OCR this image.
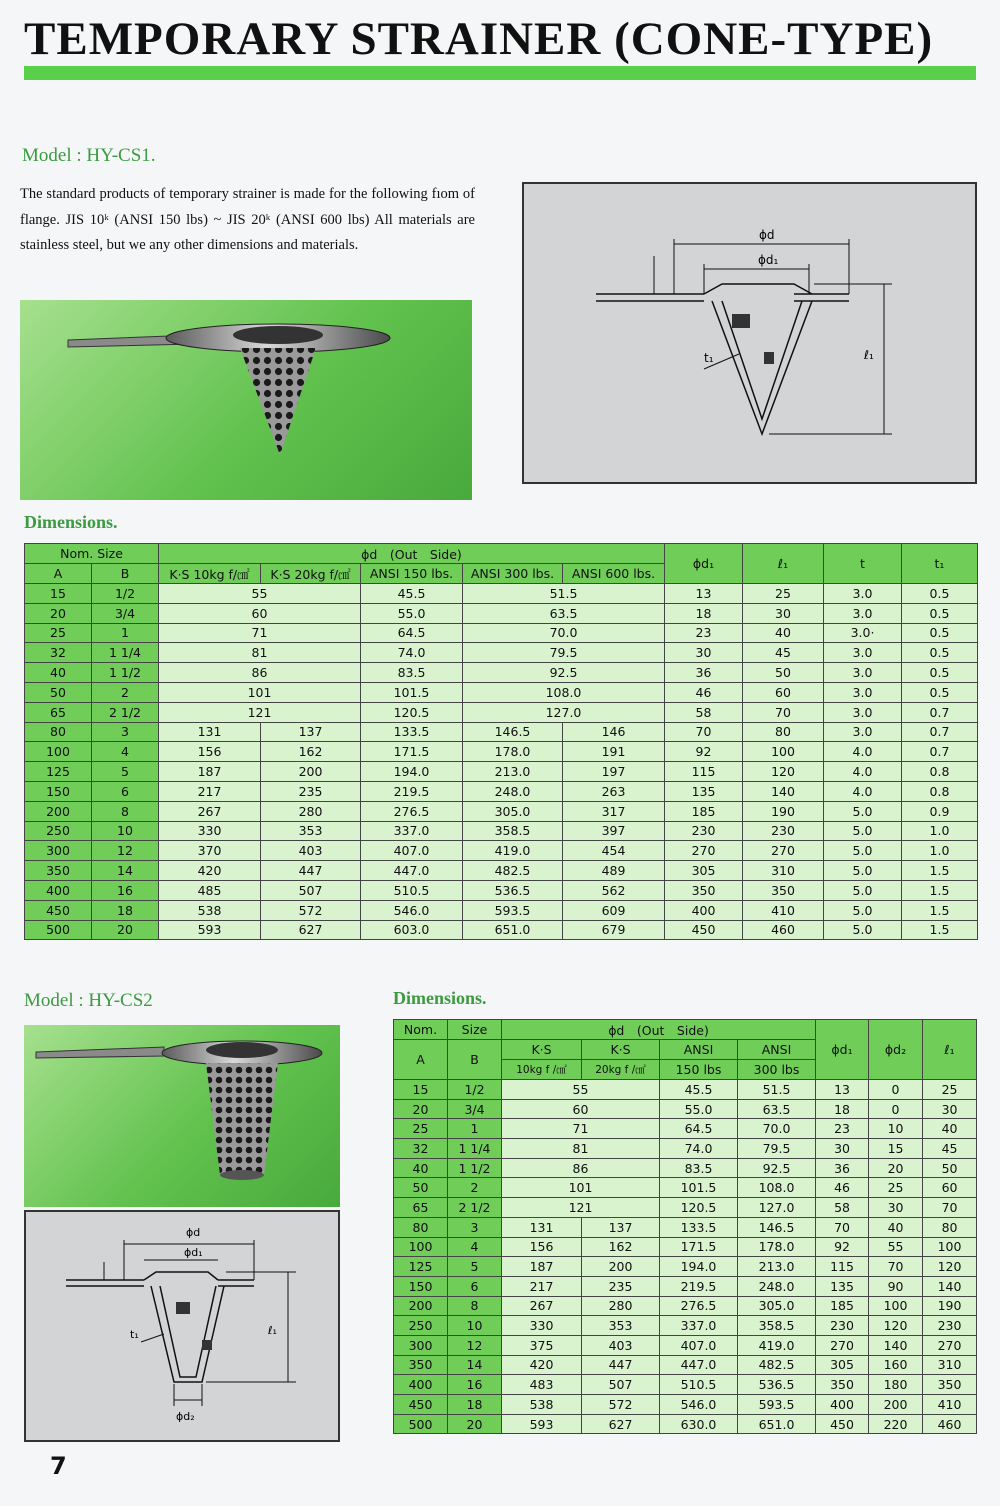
TEMPORARY STRAINER (CONE-TYPE)
Model : HY-CS1.

The standard products of temporary strainer is made for the following fıom of flange. JIS 10ᵏ (ANSI 150 lbs) ~ JIS 20ᵏ (ANSI 600 lbs) All materials are stainless steel, but we any other dimensions and materials.

ϕd
ϕd₁
ℓ₁
t₁
Dimensions.
Nom. Size		ϕd　(Out　Side)					ϕd₁	ℓ₁	t	t₁
A	B	K·S 10kg f/㎠	K·S 20kg f/㎠	ANSI 150 lbs.	ANSI 300 lbs.	ANSI 600 lbs.				
15	1/2	55		45.5	51.5		13	25	3.0	0.5
20	3/4	60		55.0	63.5		18	30	3.0	0.5
25	1	71		64.5	70.0		23	40	3.0·	0.5
32	1 1/4	81		74.0	79.5		30	45	3.0	0.5
40	1 1/2	86		83.5	92.5		36	50	3.0	0.5
50	2	101		101.5	108.0		46	60	3.0	0.5
65	2 1/2	121		120.5	127.0		58	70	3.0	0.7
80	3	131	137	133.5	146.5	146	70	80	3.0	0.7
100	4	156	162	171.5	178.0	191	92	100	4.0	0.7
125	5	187	200	194.0	213.0	197	115	120	4.0	0.8
150	6	217	235	219.5	248.0	263	135	140	4.0	0.8
200	8	267	280	276.5	305.0	317	185	190	5.0	0.9
250	10	330	353	337.0	358.5	397	230	230	5.0	1.0
300	12	370	403	407.0	419.0	454	270	270	5.0	1.0
350	14	420	447	447.0	482.5	489	305	310	5.0	1.5
400	16	485	507	510.5	536.5	562	350	350	5.0	1.5
450	18	538	572	546.0	593.5	609	400	410	5.0	1.5
500	20	593	627	603.0	651.0	679	450	460	5.0	1.5
Model : HY-CS2	Dimensions.
ϕd
ϕd₁
ϕd₂
ℓ₁
t₁
Nom.	Size	ϕd　(Out　Side)				ϕd₁	ϕd₂	ℓ₁
A	B	K·S	K·S	ANSI	ANSI			
		10kg f /㎠	20kg f /㎠	150 lbs	300 lbs			
15	1/2	55		45.5	51.5	13	0	25
20	3/4	60		55.0	63.5	18	0	30
25	1	71		64.5	70.0	23	10	40
32	1 1/4	81		74.0	79.5	30	15	45
40	1 1/2	86		83.5	92.5	36	20	50
50	2	101		101.5	108.0	46	25	60
65	2 1/2	121		120.5	127.0	58	30	70
80	3	131	137	133.5	146.5	70	40	80
100	4	156	162	171.5	178.0	92	55	100
125	5	187	200	194.0	213.0	115	70	120
150	6	217	235	219.5	248.0	135	90	140
200	8	267	280	276.5	305.0	185	100	190
250	10	330	353	337.0	358.5	230	120	230
300	12	375	403	407.0	419.0	270	140	270
350	14	420	447	447.0	482.5	305	160	310
400	16	483	507	510.5	536.5	350	180	350
450	18	538	572	546.0	593.5	400	200	410
500	20	593	627	630.0	651.0	450	220	460
7
